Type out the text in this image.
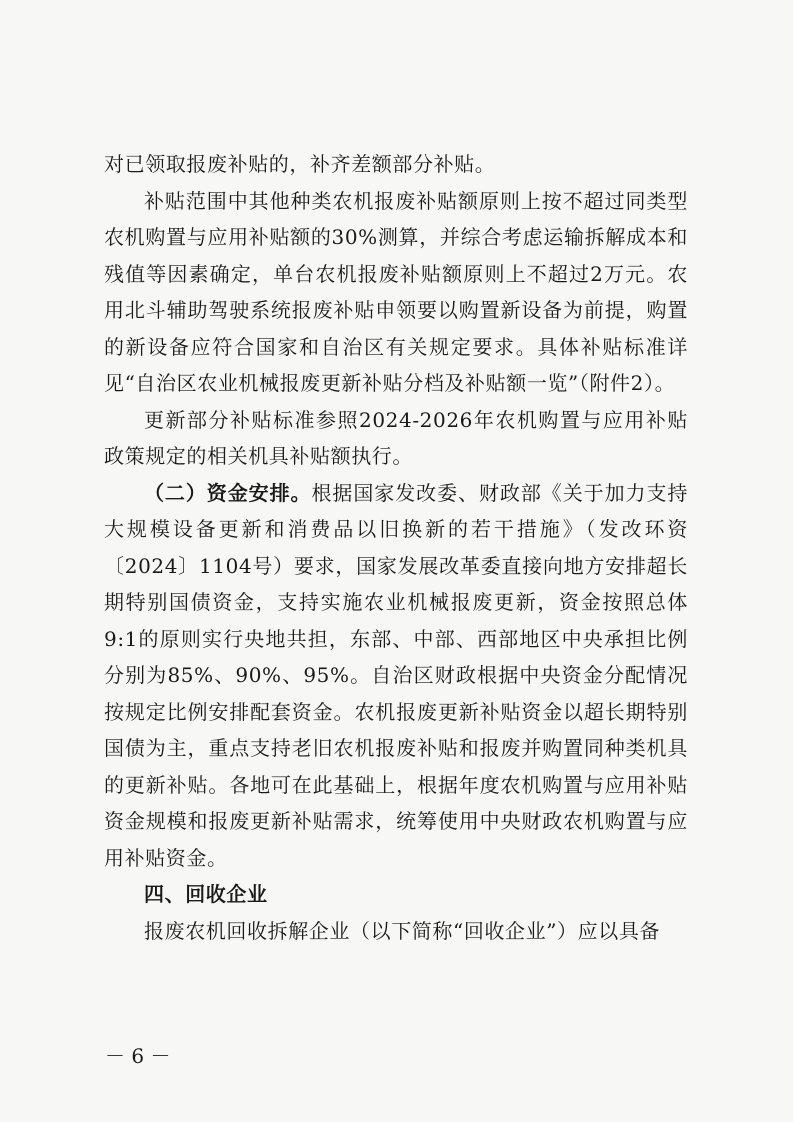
对已领取报废补贴的，补齐差额部分补贴。

补贴范围中其他种类农机报废补贴额原则上按不超过同类型农机购置与应用补贴额的30%测算，并综合考虑运输拆解成本和残值等因素确定，单台农机报废补贴额原则上不超过2万元。农用北斗辅助驾驶系统报废补贴申领要以购置新设备为前提，购置的新设备应符合国家和自治区有关规定要求。具体补贴标准详见“自治区农业机械报废更新补贴分档及补贴额一览”（附件2）。

更新部分补贴标准参照2024-2026年农机购置与应用补贴政策规定的相关机具补贴额执行。

（二）资金安排。根据国家发改委、财政部《关于加力支持大规模设备更新和消费品以旧换新的若干措施》（发改环资〔2024〕1104号）要求，国家发展改革委直接向地方安排超长期特别国债资金，支持实施农业机械报废更新，资金按照总体9:1的原则实行央地共担，东部、中部、西部地区中央承担比例分别为85%、90%、95%。自治区财政根据中央资金分配情况按规定比例安排配套资金。农机报废更新补贴资金以超长期特别国债为主，重点支持老旧农机报废补贴和报废并购置同种类机具的更新补贴。各地可在此基础上，根据年度农机购置与应用补贴资金规模和报废更新补贴需求，统筹使用中央财政农机购置与应用补贴资金。

四、回收企业

报废农机回收拆解企业（以下简称“回收企业”）应以具备

－ 6 －
